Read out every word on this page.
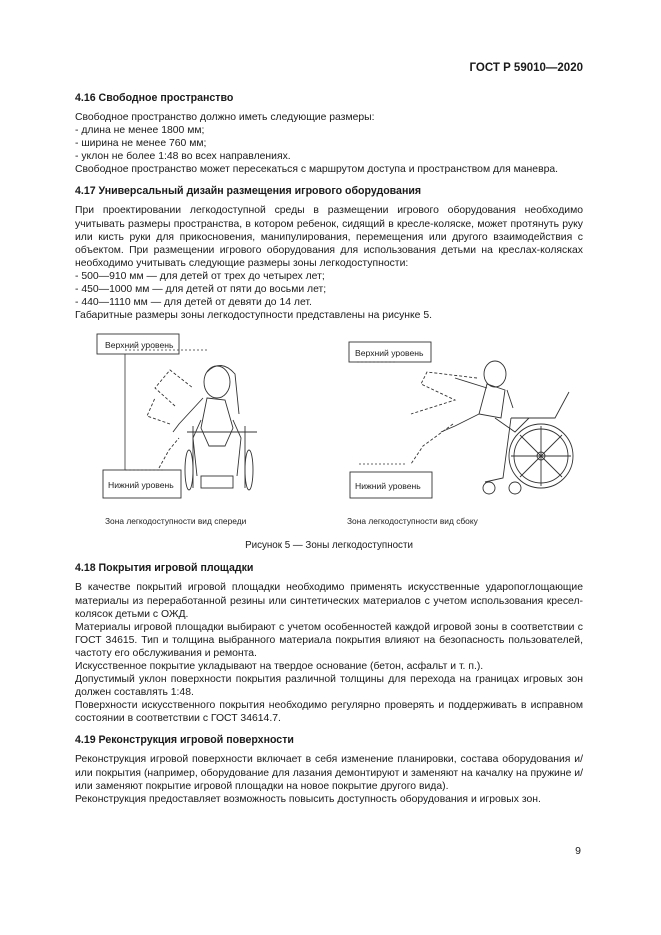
ГОСТ Р 59010—2020
4.16 Свободное пространство

Свободное пространство должно иметь следующие размеры:

- длина не менее 1800 мм;

- ширина не менее 760 мм;

- уклон не более 1:48 во всех направлениях.

Свободное пространство может пересекаться с маршрутом доступа и пространством для маневра.

4.17 Универсальный дизайн размещения игрового оборудования

При проектировании легкодоступной среды в размещении игрового оборудования необходимо учитывать размеры пространства, в котором ребенок, сидящий в кресле-коляске, может протянуть руку или кисть руки для прикосновения, манипулирования, перемещения или другого взаимодействия с объектом. При размещении игрового оборудования для использования детьми на креслах-колясках необходимо учитывать следующие размеры зоны легкодоступности:

- 500—910 мм — для детей от трех до четырех лет;

- 450—1000 мм — для детей от пяти до восьми лет;

- 440—1110 мм — для детей от девяти до 14 лет.

Габаритные размеры зоны легкодоступности представлены на рисунке 5.

Верхний уровень
Нижний уровень
Зона легкодоступности вид спереди
Верхний уровень
Нижний уровень
Зона легкодоступности вид сбоку
Рисунок 5 — Зоны легкодоступности
4.18 Покрытия игровой площадки

В качестве покрытий игровой площадки необходимо применять искусственные ударопоглощающие материалы из переработанной резины или синтетических материалов с учетом использования кресел-колясок детьми с ОЖД.

Материалы игровой площадки выбирают с учетом особенностей каждой игровой зоны в соответствии с ГОСТ 34615. Тип и толщина выбранного материала покрытия влияют на безопасность пользователей, частоту его обслуживания и ремонта.

Искусственное покрытие укладывают на твердое основание (бетон, асфальт и т. п.).

Допустимый уклон поверхности покрытия различной толщины для перехода на границах игровых зон должен составлять 1:48.

Поверхности искусственного покрытия необходимо регулярно проверять и поддерживать в исправном состоянии в соответствии с ГОСТ 34614.7.

4.19 Реконструкция игровой поверхности

Реконструкция игровой поверхности включает в себя изменение планировки, состава оборудования и/или покрытия (например, оборудование для лазания демонтируют и заменяют на качалку на пружине и/или заменяют покрытие игровой площадки на новое покрытие другого вида).

Реконструкция предоставляет возможность повысить доступность оборудования и игровых зон.

9
